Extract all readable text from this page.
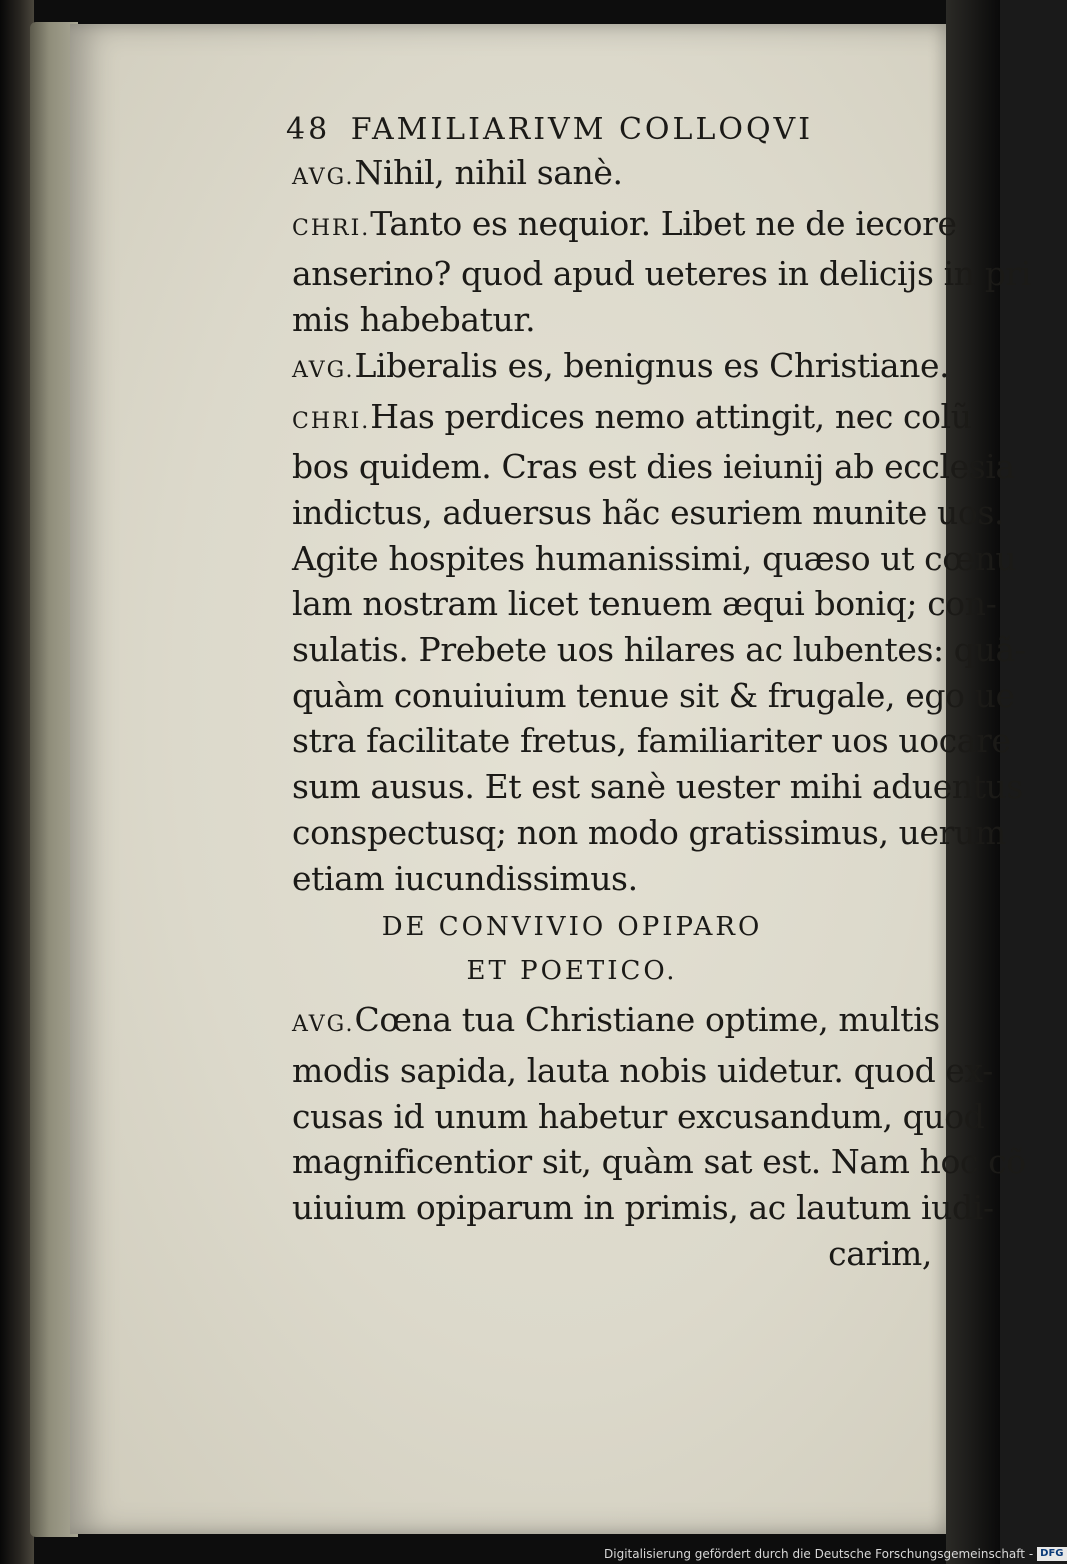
48 FAMILIARIVM COLLOQVI
AVG.Nihil, nihil sanè.
CHRI.Tanto es nequior. Libet ne de iecore
anserino? quod apud ueteres in delicijs in pri
mis habebatur.
AVG.Liberalis es, benignus es Christiane.
CHRI.Has perdices nemo attingit, nec colũ
bos quidem. Cras est dies ieiunij ab ecclesia
indictus, aduersus hãc esuriem munite uos.
Agite hospites humanissimi, quæso ut cœnu
lam nostram licet tenuem æqui boniq; con-
sulatis. Prebete uos hilares ac lubentes: quã-
quàm conuiuium tenue sit & frugale, ego ue
stra facilitate fretus, familiariter uos uocare
sum ausus. Et est sanè uester mihi aduentus
conspectusq; non modo gratissimus, uerum
etiam iucundissimus.
DE CONVIVIO OPIPARO
ET POETICO.
AVG.Cœna tua Christiane optime, multis
modis sapida, lauta nobis uidetur. quod ex-
cusas id unum habetur excusandum, quod
magnificentior sit, quàm sat est. Nam hoc cõ
uiuium opiparum in primis, ac lautum iudi-
carim,
Digitalisierung gefördert durch die Deutsche Forschungsgemeinschaft - DFG
